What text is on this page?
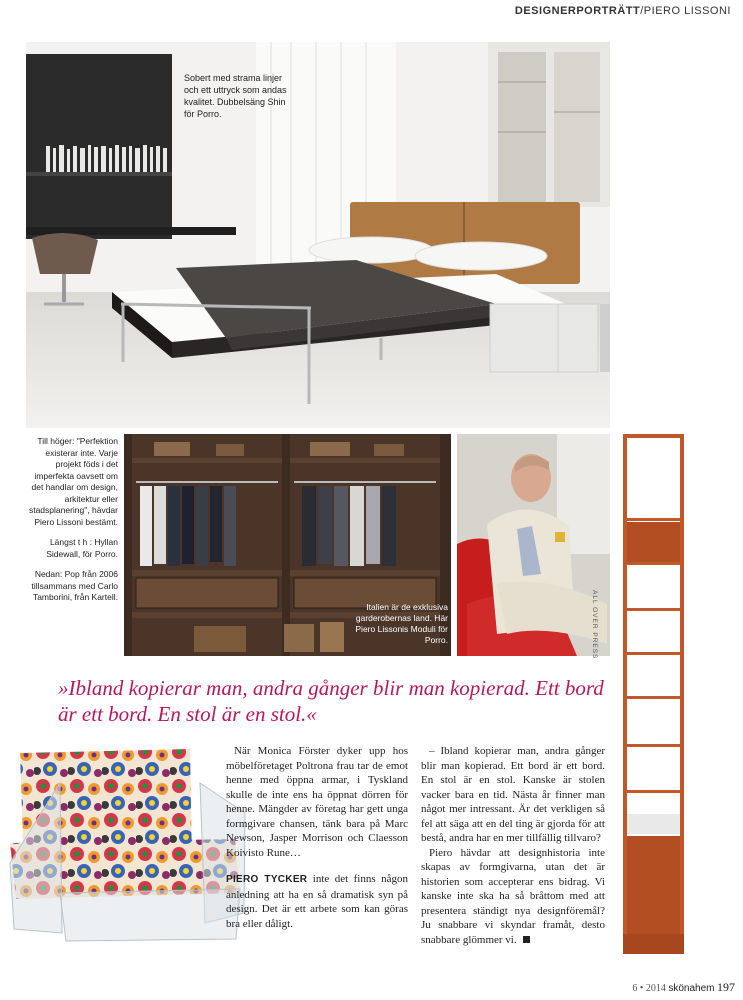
DESIGNERPORTRÄTT/PIERO LISSONI
Sobert med strama linjer och ett uttryck som andas kvalitet. Dubbelsäng Shin för Porro.

Till höger: "Perfektion existerar inte. Varje projekt föds i det imperfekta oavsett om det handlar om design, arkitektur eller stadsplanering", hävdar Piero Lissoni bestämt.

Längst t h : Hyllan Sidewall, för Porro.

Nedan: Pop från 2006 tillsammans med Carlo Tamborini, från Kartell.

Italien är de exklusiva garderobernas land. Här Piero Lissonis Moduli för Porro.	ALL OVER PRESS
»Ibland kopierar man, andra gånger blir man kopierad. Ett bord är ett bord. En stol är en stol.«

När Monica Förster dyker upp hos möbelföretaget Poltrona frau tar de emot henne med öppna armar, i Tyskland skulle de inte ens ha öppnat dörren för henne. Mängder av företag har gett unga formgivare chansen, tänk bara på Marc Newson, Jasper Morrison och Claesson Koivisto Rune…

PIERO TYCKER inte det finns någon anledning att ha en så dramatisk syn på design. Det är ett arbete som kan göras bra eller dåligt.

– Ibland kopierar man, andra gånger blir man kopierad. Ett bord är ett bord. En stol är en stol. Kanske är stolen vacker bara en tid. Nästa år finner man något mer intressant. Är det verkligen så fel att säga att en del ting är gjorda för att bestå, andra har en mer tillfällig tillvaro?

Piero hävdar att designhistoria inte skapas av formgivarna, utan det är historien som accepterar ens bidrag. Vi kanske inte ska ha så bråttom med att presentera ständigt nya designföremål? Ju snabbare vi skyndar framåt, desto snabbare glömmer vi.

6 • 2014 skönahem 197
